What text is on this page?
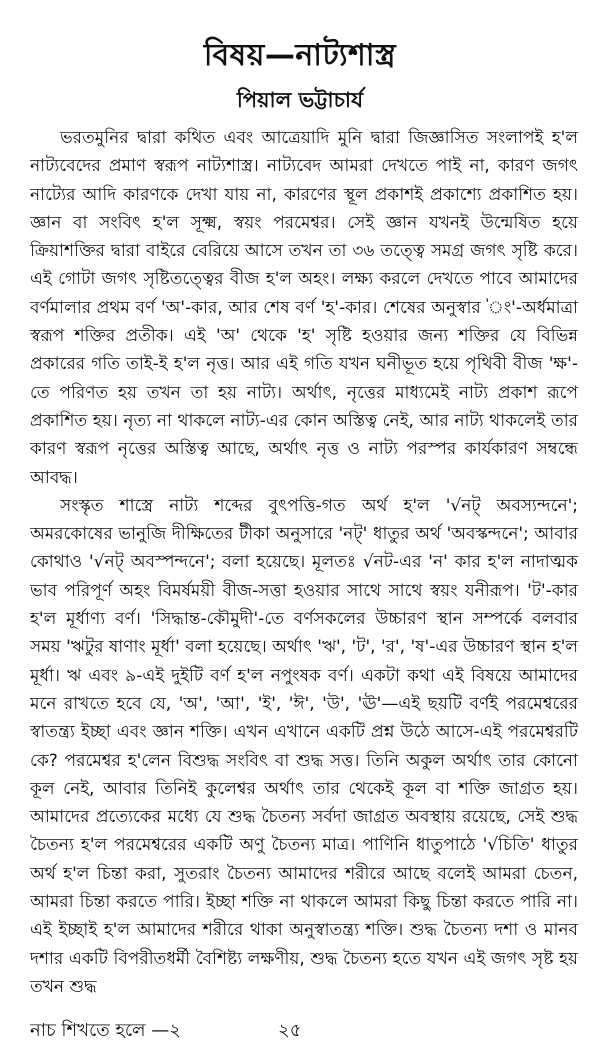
বিষয়—নাট্যশাস্ত্র
পিয়াল ভট্টাচার্য

ভরতমুনির দ্বারা কথিত এবং আত্রেয়াদি মুনি দ্বারা জিজ্ঞাসিত সংলাপই হ'ল নাট্যবেদের প্রমাণ স্বরূপ নাট্যশাস্ত্র। নাট্যবেদ আমরা দেখতে পাই না, কারণ জগৎ নাট্যের আদি কারণকে দেখা যায় না, কারণের স্থূল প্রকাশই প্রকাশ্যে প্রকাশিত হয়। জ্ঞান বা সংবিৎ হ'ল সূক্ষ্ম, স্বয়ং পরমেশ্বর। সেই জ্ঞান যখনই উন্মেষিত হয়ে ক্রিয়াশক্তির দ্বারা বাইরে বেরিয়ে আসে তখন তা ৩৬ তত্ত্বে সমগ্র জগৎ সৃষ্টি করে। এই গোটা জগৎ সৃষ্টিতত্ত্বের বীজ হ'ল অহং। লক্ষ্য করলে দেখতে পাবে আমাদের বর্ণমালার প্রথম বর্ণ 'অ'-কার, আর শেষ বর্ণ 'হ'-কার। শেষের অনুস্বার 'ং'-অর্ধমাত্রা স্বরূপ শক্তির প্রতীক। এই 'অ' থেকে 'হ' সৃষ্টি হওয়ার জন্য শক্তির যে বিভিন্ন প্রকারের গতি তাই-ই হ'ল নৃত্ত। আর এই গতি যখন ঘনীভূত হয়ে পৃথিবী বীজ 'ক্ষ'-তে পরিণত হয় তখন তা হয় নাট্য। অর্থাৎ, নৃত্তের মাধ্যমেই নাট্য প্রকাশ রূপে প্রকাশিত হয়। নৃত্য না থাকলে নাট্য-এর কোন অস্তিত্ব নেই, আর নাট্য থাকলেই তার কারণ স্বরূপ নৃত্তের অস্তিত্ব আছে, অর্থাৎ নৃত্ত ও নাট্য পরস্পর কার্যকারণ সম্বন্ধে আবদ্ধ।

সংস্কৃত শাস্ত্রে নাট্য শব্দের বুৎপত্তি-গত অর্থ হ'ল '√নট্ অবস্যন্দনে'; অমরকোষের ভানুজি দীক্ষিতের টীকা অনুসারে 'নট্' ধাতুর অর্থ 'অবস্কন্দনে'; আবার কোথাও '√নট্ অবস্পন্দনে'; বলা হয়েছে। মূলতঃ √নট-এর 'ন' কার হ'ল নাদাত্মক ভাব পরিপূর্ণ অহং বিমর্ষময়ী বীজ-সত্তা হওয়ার সাথে সাথে স্বয়ং যনীরূপ। 'ট'-কার হ'ল মূর্ধাণ্য বর্ণ। 'সিদ্ধান্ত-কৌমুদী'-তে বর্ণসকলের উচ্চারণ স্থান সম্পর্কে বলবার সময় 'ঋটুর ষাণাং মূর্ধা' বলা হয়েছে। অর্থাৎ 'ঋ', 'ট', 'র', 'ষ'-এর উচ্চারণ স্থান হ'ল মূর্ধা। ঋ এবং ৯-এই দুইটি বর্ণ হ'ল নপুংষক বর্ণ। একটা কথা এই বিষয়ে আমাদের মনে রাখতে হবে যে, 'অ', 'আ', 'ই', 'ঈ', 'উ', 'ঊ'—এই ছয়টি বর্ণই পরমেশ্বরের স্বাতন্ত্র্য ইচ্ছা এবং জ্ঞান শক্তি। এখন এখানে একটি প্রশ্ন উঠে আসে-এই পরমেশ্বরটি কে? পরমেশ্বর হ'লেন বিশুদ্ধ সংবিৎ বা শুদ্ধ সত্ত। তিনি অকুল অর্থাৎ তার কোনো কূল নেই, আবার তিনিই কুলেশ্বর অর্থাৎ তার থেকেই কূল বা শক্তি জাগ্রত হয়। আমাদের প্রত্যেকের মধ্যে যে শুদ্ধ চৈতন্য সর্বদা জাগ্রত অবস্থায় রয়েছে, সেই শুদ্ধ চৈতন্য হ'ল পরমেশ্বরের একটি অণু চৈতন্য মাত্র। পাণিনি ধাতুপাঠে '√চিতি' ধাতুর অর্থ হ'ল চিন্তা করা, সুতরাং চৈতন্য আমাদের শরীরে আছে বলেই আমরা চেতন, আমরা চিন্তা করতে পারি। ইচ্ছা শক্তি না থাকলে আমরা কিছু চিন্তা করতে পারি না। এই ইচ্ছাই হ'ল আমাদের শরীরে থাকা অনুস্বাতন্ত্র্য শক্তি। শুদ্ধ চৈতন্য দশা ও মানব দশার একটি বিপরীতধর্মী বৈশিষ্ট্য লক্ষণীয়, শুদ্ধ চৈতন্য হতে যখন এই জগৎ সৃষ্ট হয় তখন শুদ্ধ

নাচ শিখতে হলে —২	২৫
